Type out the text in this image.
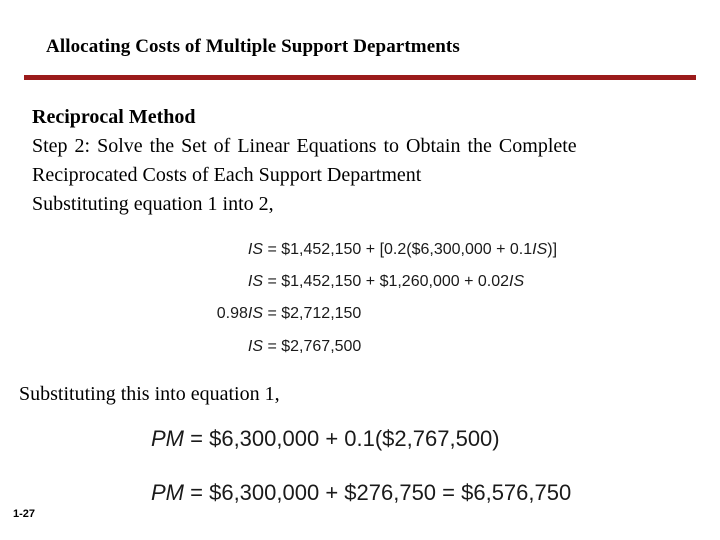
Allocating Costs of Multiple Support Departments
Reciprocal Method
Step 2: Solve the Set of Linear Equations to Obtain the Complete
Reciprocated Costs of Each Support Department
Substituting equation 1 into 2,
IS = $1,452,150 + [0.2($6,300,000 + 0.1IS)]
IS = $1,452,150 + $1,260,000 + 0.02IS
0.98IS = $2,712,150
IS = $2,767,500
Substituting this into equation 1,
PM = $6,300,000 + 0.1($2,767,500)
PM = $6,300,000 + $276,750 = $6,576,750
1-27
